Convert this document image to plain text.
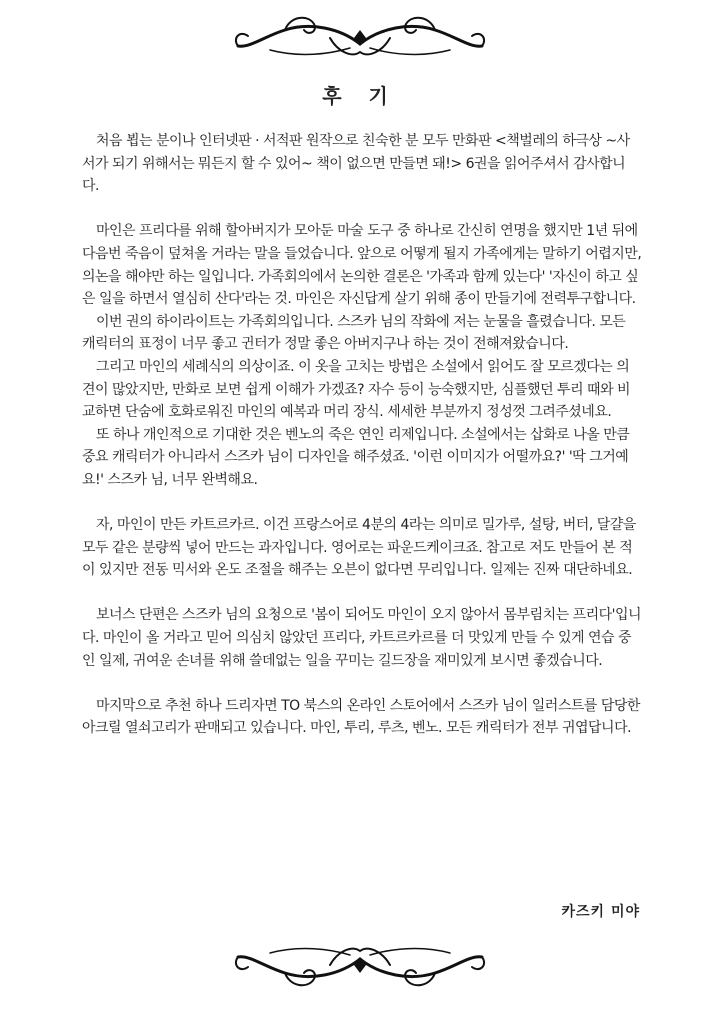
후 기

처음 뵙는 분이나 인터넷판 · 서적판 원작으로 친숙한 분 모두 만화판 <책벌레의 하극상 ~사서가 되기 위해서는 뭐든지 할 수 있어~ 책이 없으면 만들면 돼!> 6권을 읽어주셔서 감사합니다.

마인은 프리다를 위해 할아버지가 모아둔 마술 도구 중 하나로 간신히 연명을 했지만 1년 뒤에 다음번 죽음이 덮쳐올 거라는 말을 들었습니다. 앞으로 어떻게 될지 가족에게는 말하기 어렵지만, 의논을 해야만 하는 일입니다. 가족회의에서 논의한 결론은 '가족과 함께 있는다' '자신이 하고 싶은 일을 하면서 열심히 산다'라는 것. 마인은 자신답게 살기 위해 종이 만들기에 전력투구합니다.

이번 권의 하이라이트는 가족회의입니다. 스즈카 님의 작화에 저는 눈물을 흘렸습니다. 모든 캐릭터의 표정이 너무 좋고 귄터가 정말 좋은 아버지구나 하는 것이 전해져왔습니다.

그리고 마인의 세례식의 의상이죠. 이 옷을 고치는 방법은 소설에서 읽어도 잘 모르겠다는 의견이 많았지만, 만화로 보면 쉽게 이해가 가겠죠? 자수 등이 능숙했지만, 심플했던 투리 때와 비교하면 단숨에 호화로워진 마인의 예복과 머리 장식. 세세한 부분까지 정성껏 그려주셨네요.

또 하나 개인적으로 기대한 것은 벤노의 죽은 연인 리제입니다. 소설에서는 삽화로 나올 만큼 중요 캐릭터가 아니라서 스즈카 님이 디자인을 해주셨죠. '이런 이미지가 어떨까요?' '딱 그거예요!' 스즈카 님, 너무 완벽해요.

자, 마인이 만든 카트르카르. 이건 프랑스어로 4분의 4라는 의미로 밀가루, 설탕, 버터, 달걀을 모두 같은 분량씩 넣어 만드는 과자입니다. 영어로는 파운드케이크죠. 참고로 저도 만들어 본 적이 있지만 전동 믹서와 온도 조절을 해주는 오븐이 없다면 무리입니다. 일제는 진짜 대단하네요.

보너스 단편은 스즈카 님의 요청으로 '봄이 되어도 마인이 오지 않아서 몸부림치는 프리다'입니다. 마인이 올 거라고 믿어 의심치 않았던 프리다, 카트르카르를 더 맛있게 만들 수 있게 연습 중인 일제, 귀여운 손녀를 위해 쓸데없는 일을 꾸미는 길드장을 재미있게 보시면 좋겠습니다.

마지막으로 추천 하나 드리자면 TO 북스의 온라인 스토어에서 스즈카 님이 일러스트를 담당한 아크릴 열쇠고리가 판매되고 있습니다. 마인, 투리, 루츠, 벤노. 모든 캐릭터가 전부 귀엽답니다.

카즈키 미야
